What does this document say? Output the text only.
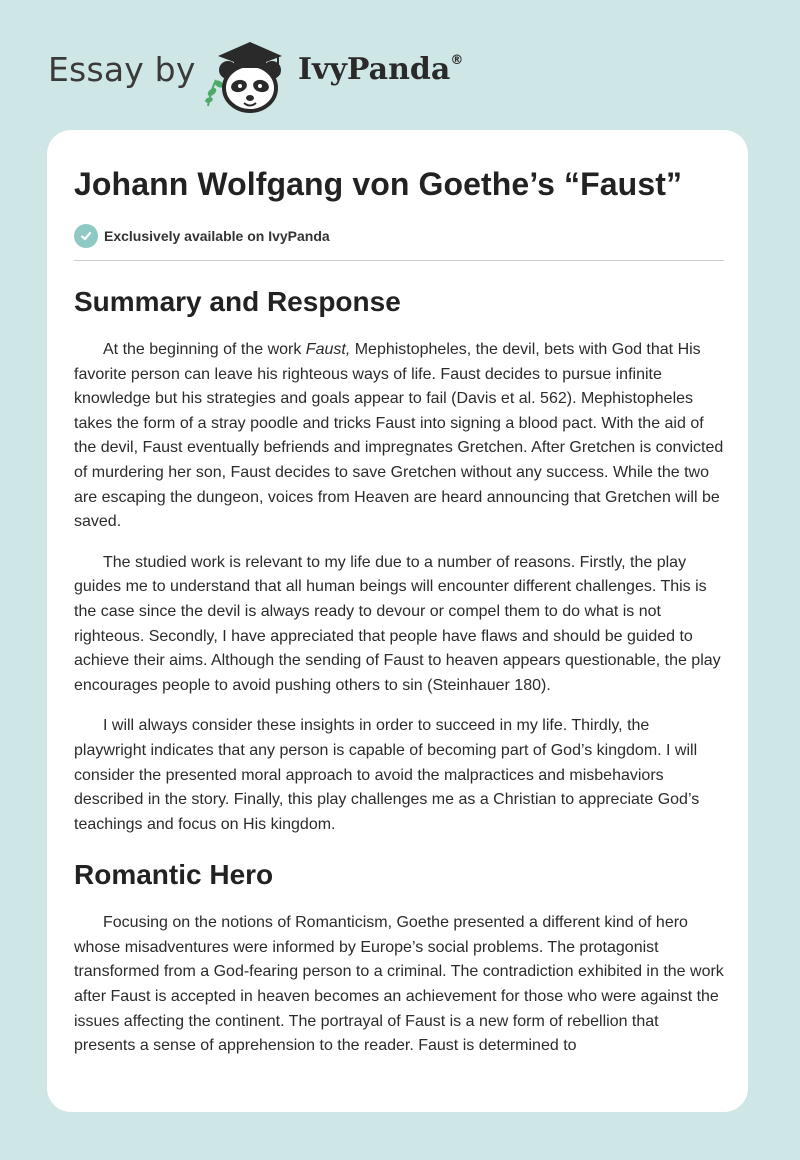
Essay by	IvyPanda®
Johann Wolfgang von Goethe’s “Faust”
Exclusively available on IvyPanda
Summary and Response

At the beginning of the work Faust, Mephistopheles, the devil, bets with God that His favorite person can leave his righteous ways of life. Faust decides to pursue infinite knowledge but his strategies and goals appear to fail (Davis et al. 562). Mephistopheles takes the form of a stray poodle and tricks Faust into signing a blood pact. With the aid of the devil, Faust eventually befriends and impregnates Gretchen. After Gretchen is convicted of murdering her son, Faust decides to save Gretchen without any success. While the two are escaping the dungeon, voices from Heaven are heard announcing that Gretchen will be saved.

The studied work is relevant to my life due to a number of reasons. Firstly, the play guides me to understand that all human beings will encounter different challenges. This is the case since the devil is always ready to devour or compel them to do what is not righteous. Secondly, I have appreciated that people have flaws and should be guided to achieve their aims. Although the sending of Faust to heaven appears questionable, the play encourages people to avoid pushing others to sin (Steinhauer 180).

I will always consider these insights in order to succeed in my life. Thirdly, the playwright indicates that any person is capable of becoming part of God’s kingdom. I will consider the presented moral approach to avoid the malpractices and misbehaviors described in the story. Finally, this play challenges me as a Christian to appreciate God’s teachings and focus on His kingdom.

Romantic Hero

Focusing on the notions of Romanticism, Goethe presented a different kind of hero whose misadventures were informed by Europe’s social problems. The protagonist transformed from a God-fearing person to a criminal. The contradiction exhibited in the work after Faust is accepted in heaven becomes an achievement for those who were against the issues affecting the continent. The portrayal of Faust is a new form of rebellion that presents a sense of apprehension to the reader. Faust is determined to
